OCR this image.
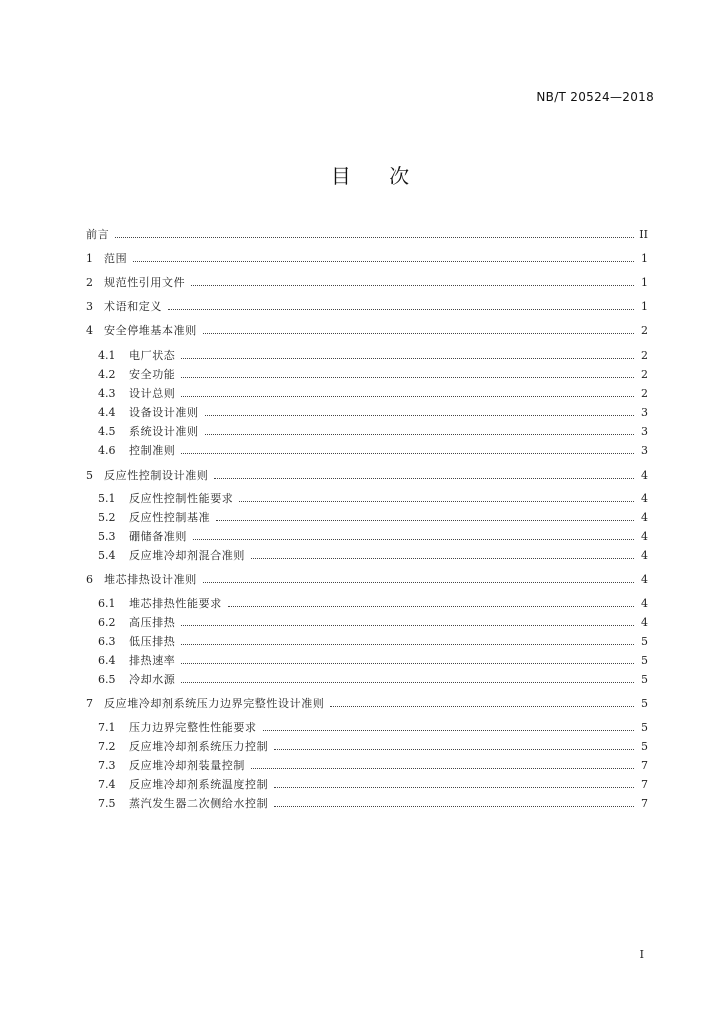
NB/T 20524—2018
目 次
前言	II
1	范围	1
2	规范性引用文件	1
3	术语和定义	1
4	安全停堆基本准则	2
4.1	电厂状态	2
4.2	安全功能	2
4.3	设计总则	2
4.4	设备设计准则	3
4.5	系统设计准则	3
4.6	控制准则	3
5	反应性控制设计准则	4
5.1	反应性控制性能要求	4
5.2	反应性控制基准	4
5.3	硼储备准则	4
5.4	反应堆冷却剂混合准则	4
6	堆芯排热设计准则	4
6.1	堆芯排热性能要求	4
6.2	高压排热	4
6.3	低压排热	5
6.4	排热速率	5
6.5	冷却水源	5
7	反应堆冷却剂系统压力边界完整性设计准则	5
7.1	压力边界完整性性能要求	5
7.2	反应堆冷却剂系统压力控制	5
7.3	反应堆冷却剂装量控制	7
7.4	反应堆冷却剂系统温度控制	7
7.5	蒸汽发生器二次侧给水控制	7
I
